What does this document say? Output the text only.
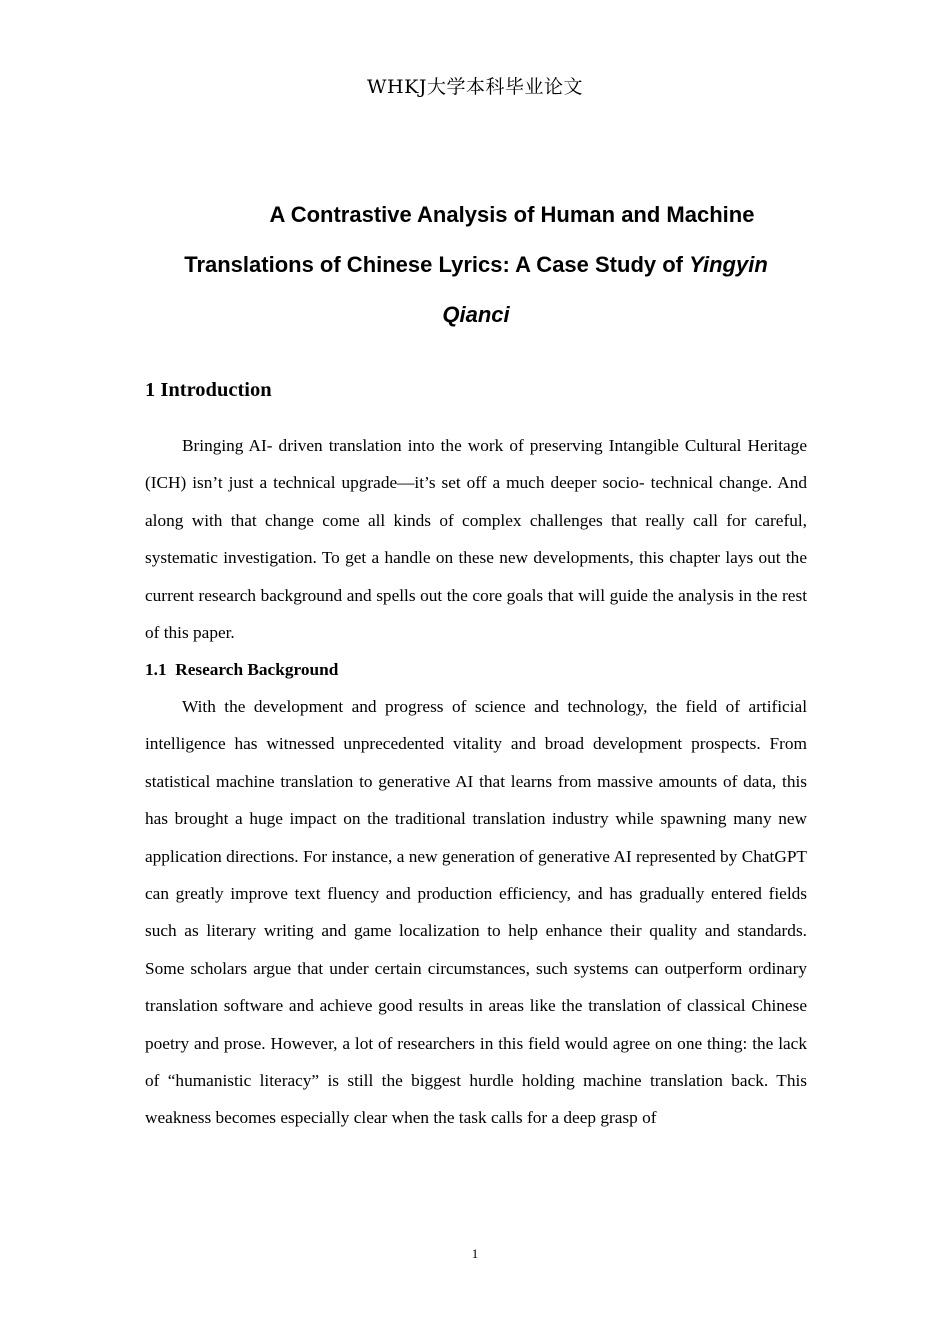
WHKJ大学本科毕业论文
A Contrastive Analysis of Human and Machine
Translations of Chinese Lyrics: A Case Study of Yingyin
Qianci
1 Introduction
Bringing AI- driven translation into the work of preserving Intangible Cultural Heritage (ICH) isn’t just a technical upgrade—it’s set off a much deeper socio- technical change. And along with that change come all kinds of complex challenges that really call for careful, systematic investigation. To get a handle on these new developments, this chapter lays out the current research background and spells out the core goals that will guide the analysis in the rest of this paper.
1.1  Research Background
With the development and progress of science and technology, the field of artificial intelligence has witnessed unprecedented vitality and broad development prospects. From statistical machine translation to generative AI that learns from massive amounts of data, this has brought a huge impact on the traditional translation industry while spawning many new application directions. For instance, a new generation of generative AI represented by ChatGPT can greatly improve text fluency and production efficiency, and has gradually entered fields such as literary writing and game localization to help enhance their quality and standards. Some scholars argue that under certain circumstances, such systems can outperform ordinary translation software and achieve good results in areas like the translation of classical Chinese poetry and prose. However, a lot of researchers in this field would agree on one thing: the lack of “humanistic literacy” is still the biggest hurdle holding machine translation back. This weakness becomes especially clear when the task calls for a deep grasp of
1
